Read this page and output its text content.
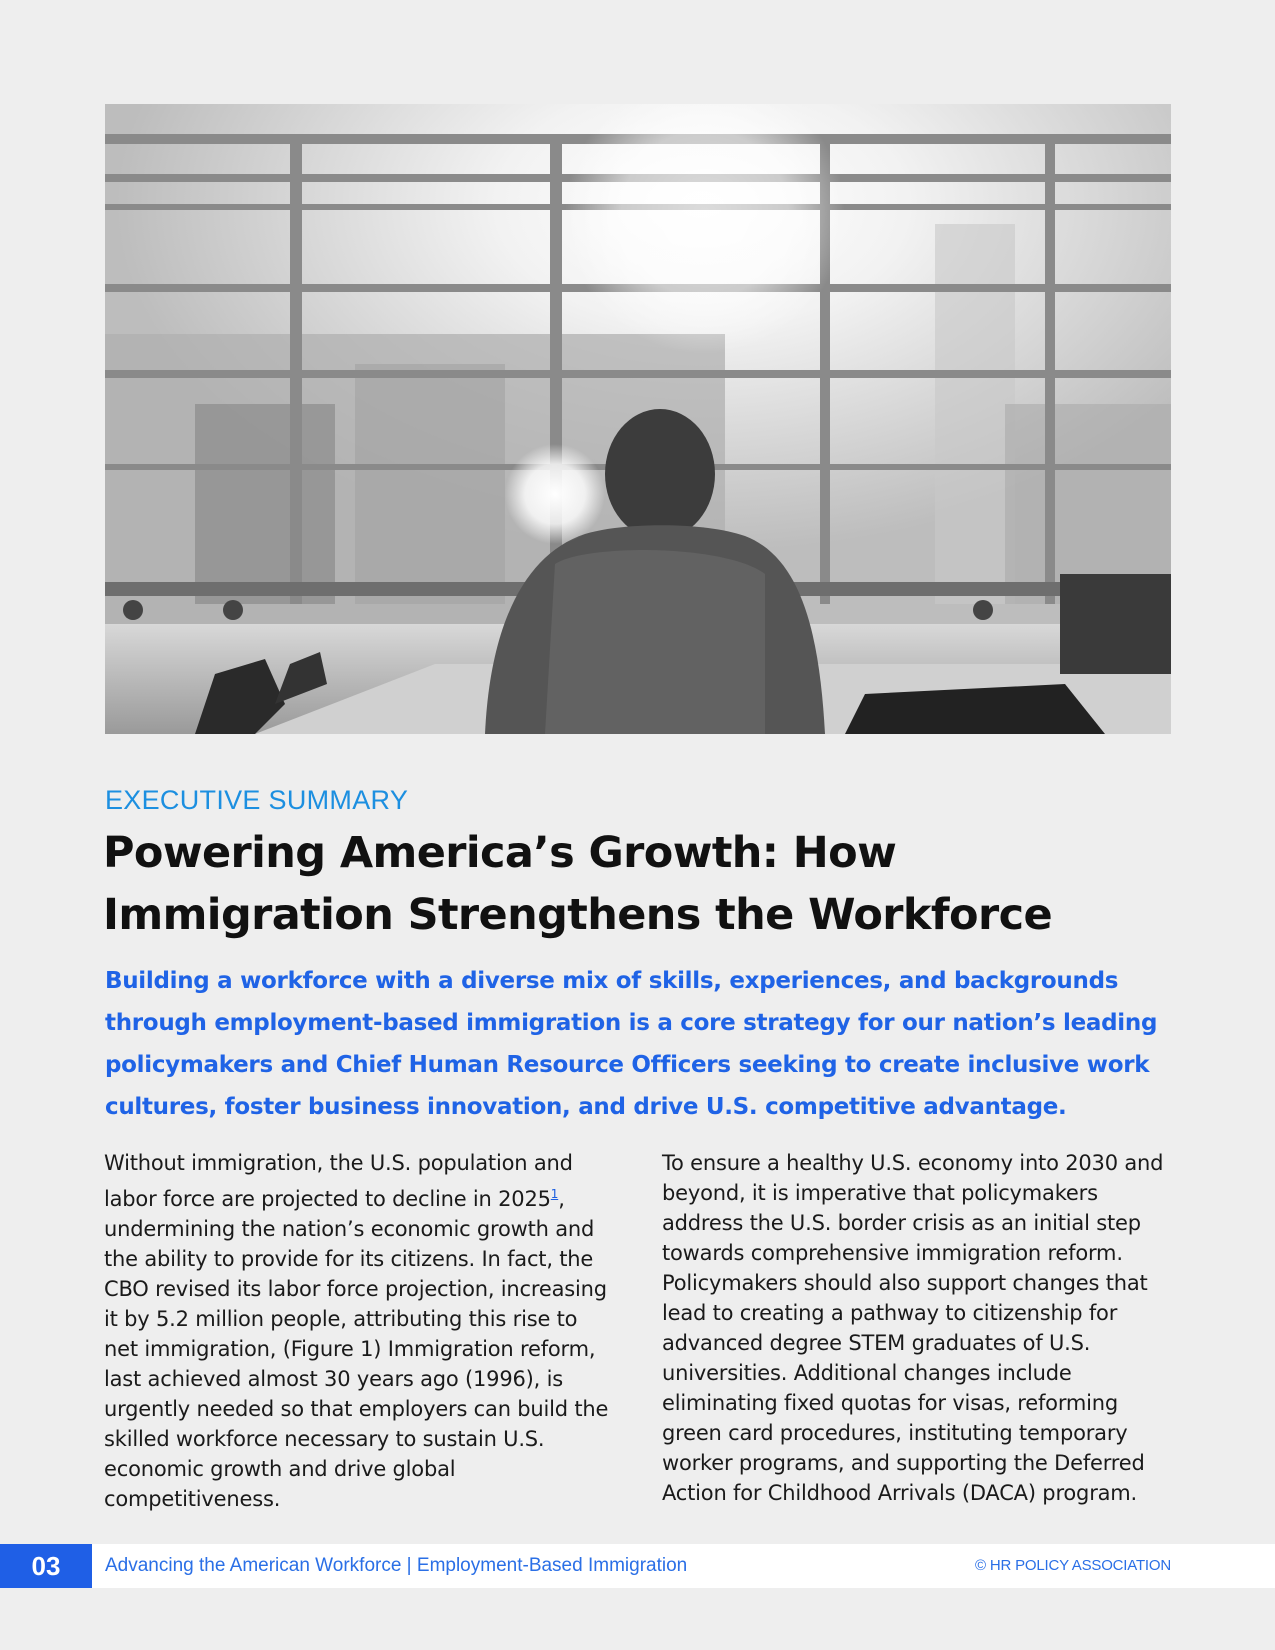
EXECUTIVE SUMMARY
Powering America’s Growth: How Immigration Strengthens the Workforce

Building a workforce with a diverse mix of skills, experiences, and backgrounds through employment-based immigration is a core strategy for our nation’s leading policymakers and Chief Human Resource Officers seeking to create inclusive work cultures, foster business innovation, and drive U.S. competitive advantage.

Without immigration, the U.S. population and labor force are projected to decline in 2025$^1$, undermining the nation’s economic growth and the ability to provide for its citizens. In fact, the CBO revised its labor force projection, increasing it by 5.2 million people, attributing this rise to net immigration, (Figure 1) Immigration reform, last achieved almost 30 years ago (1996), is urgently needed so that employers can build the skilled workforce necessary to sustain U.S. economic growth and drive global competitiveness.

To ensure a healthy U.S. economy into 2030 and beyond, it is imperative that policymakers address the U.S. border crisis as an initial step towards comprehensive immigration reform. Policymakers should also support changes that lead to creating a pathway to citizenship for advanced degree STEM graduates of U.S. universities. Additional changes include eliminating fixed quotas for visas, reforming green card procedures, instituting temporary worker programs, and supporting the Deferred Action for Childhood Arrivals (DACA) program.

03	Advancing the American Workforce | Employment-Based Immigration	© HR POLICY ASSOCIATION
